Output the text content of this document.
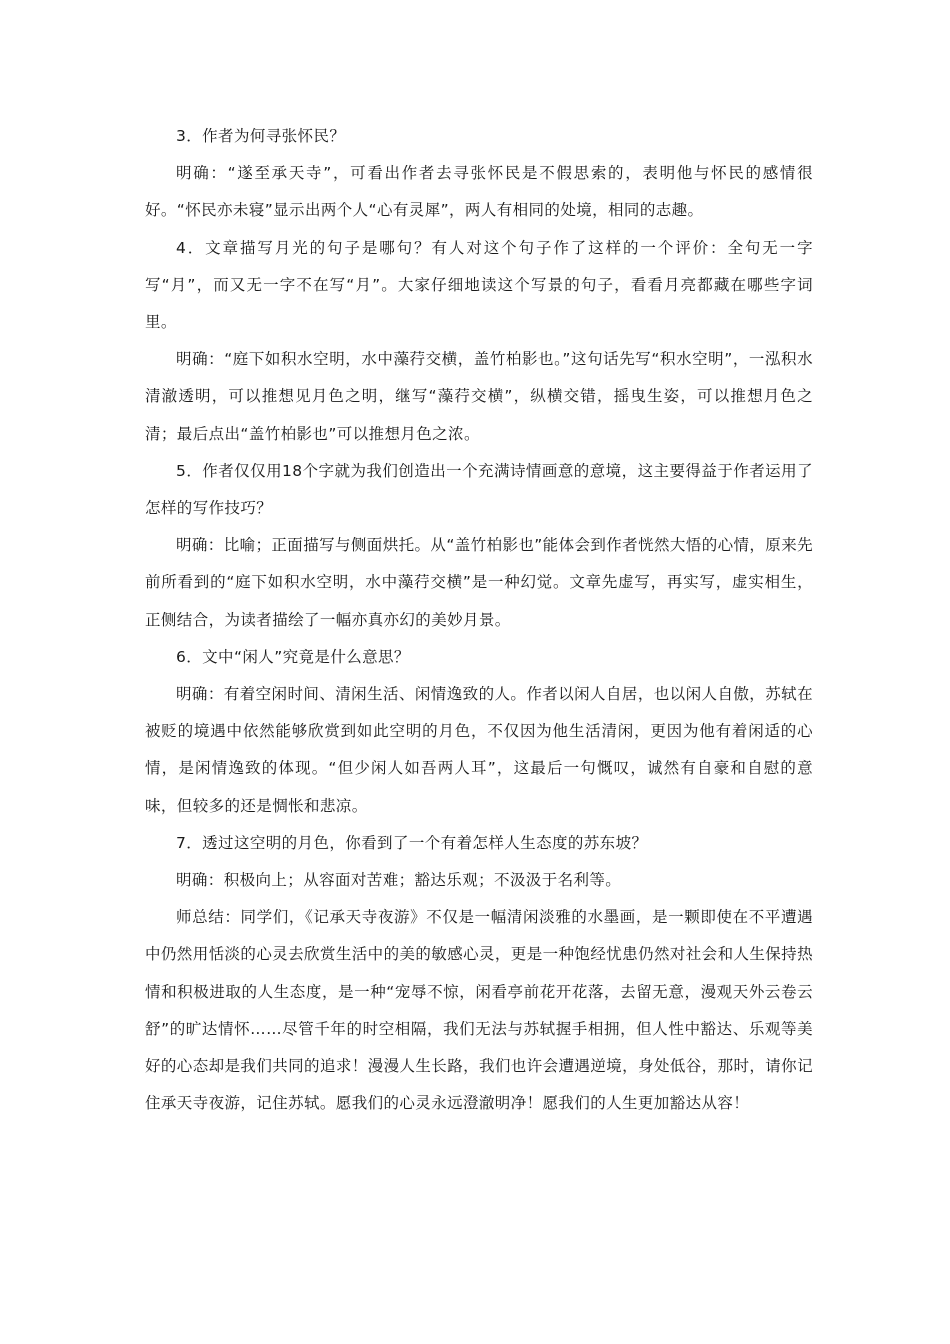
3．作者为何寻张怀民？

明确：“遂至承天寺”，可看出作者去寻张怀民是不假思索的，表明他与怀民的感情很好。“怀民亦未寝”显示出两个人“心有灵犀”，两人有相同的处境，相同的志趣。

4．文章描写月光的句子是哪句？有人对这个句子作了这样的一个评价：全句无一字写“月”，而又无一字不在写“月”。大家仔细地读这个写景的句子，看看月亮都藏在哪些字词里。

明确：“庭下如积水空明，水中藻荇交横，盖竹柏影也。”这句话先写“积水空明”，一泓积水清澈透明，可以推想见月色之明，继写“藻荇交横”，纵横交错，摇曳生姿，可以推想月色之清；最后点出“盖竹柏影也”可以推想月色之浓。

5．作者仅仅用18个字就为我们创造出一个充满诗情画意的意境，这主要得益于作者运用了怎样的写作技巧？

明确：比喻；正面描写与侧面烘托。从“盖竹柏影也”能体会到作者恍然大悟的心情，原来先前所看到的“庭下如积水空明，水中藻荇交横”是一种幻觉。文章先虚写，再实写，虚实相生，正侧结合，为读者描绘了一幅亦真亦幻的美妙月景。

6．文中“闲人”究竟是什么意思？

明确：有着空闲时间、清闲生活、闲情逸致的人。作者以闲人自居，也以闲人自傲，苏轼在被贬的境遇中依然能够欣赏到如此空明的月色，不仅因为他生活清闲，更因为他有着闲适的心情，是闲情逸致的体现。“但少闲人如吾两人耳”，这最后一句慨叹，诚然有自豪和自慰的意味，但较多的还是惆怅和悲凉。

7．透过这空明的月色，你看到了一个有着怎样人生态度的苏东坡？

明确：积极向上；从容面对苦难；豁达乐观；不汲汲于名利等。

师总结：同学们，《记承天寺夜游》不仅是一幅清闲淡雅的水墨画，是一颗即使在不平遭遇中仍然用恬淡的心灵去欣赏生活中的美的敏感心灵，更是一种饱经忧患仍然对社会和人生保持热情和积极进取的人生态度，是一种“宠辱不惊，闲看亭前花开花落，去留无意，漫观天外云卷云舒”的旷达情怀……尽管千年的时空相隔，我们无法与苏轼握手相拥，但人性中豁达、乐观等美好的心态却是我们共同的追求！漫漫人生长路，我们也许会遭遇逆境，身处低谷，那时，请你记住承天寺夜游，记住苏轼。愿我们的心灵永远澄澈明净！愿我们的人生更加豁达从容！
